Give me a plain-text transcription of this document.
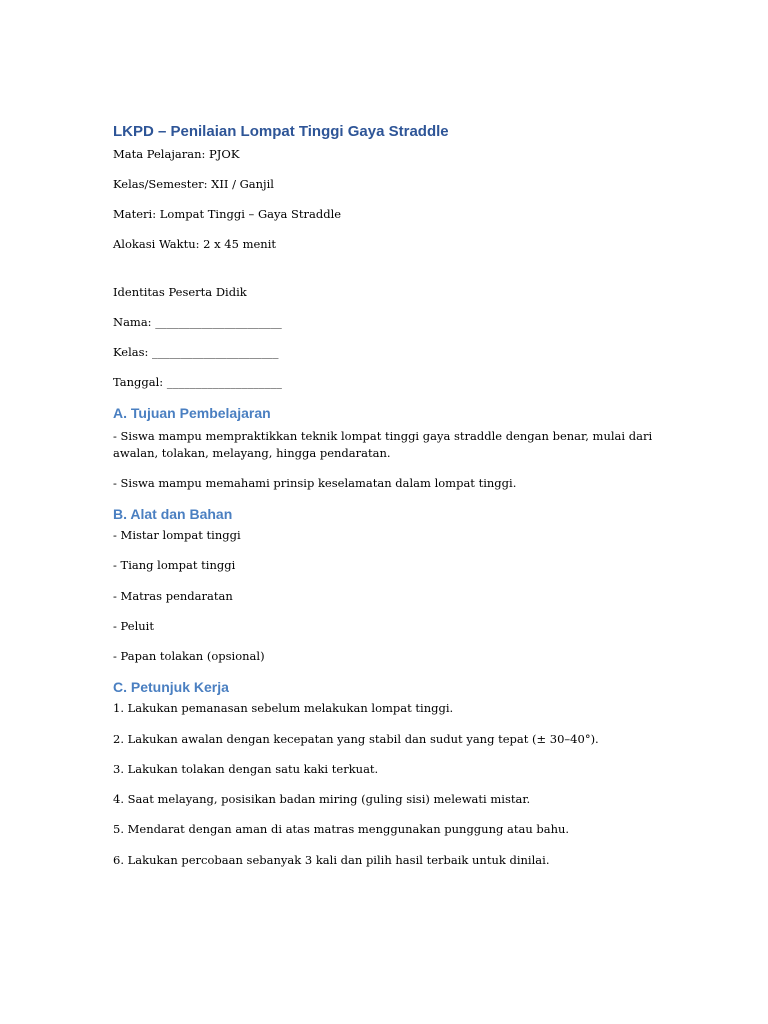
LKPD – Penilaian Lompat Tinggi Gaya Straddle
Mata Pelajaran: PJOK
Kelas/Semester: XII / Ganjil
Materi: Lompat Tinggi – Gaya Straddle
Alokasi Waktu: 2 x 45 menit
Identitas Peserta Didik
Nama: ______________________
Kelas: ______________________
Tanggal: ____________________
A. Tujuan Pembelajaran
- Siswa mampu mempraktikkan teknik lompat tinggi gaya straddle dengan benar, mulai dari awalan, tolakan, melayang, hingga pendaratan.
- Siswa mampu memahami prinsip keselamatan dalam lompat tinggi.
B. Alat dan Bahan
- Mistar lompat tinggi
- Tiang lompat tinggi
- Matras pendaratan
- Peluit
- Papan tolakan (opsional)
C. Petunjuk Kerja
1. Lakukan pemanasan sebelum melakukan lompat tinggi.
2. Lakukan awalan dengan kecepatan yang stabil dan sudut yang tepat (± 30–40°).
3. Lakukan tolakan dengan satu kaki terkuat.
4. Saat melayang, posisikan badan miring (guling sisi) melewati mistar.
5. Mendarat dengan aman di atas matras menggunakan punggung atau bahu.
6. Lakukan percobaan sebanyak 3 kali dan pilih hasil terbaik untuk dinilai.
